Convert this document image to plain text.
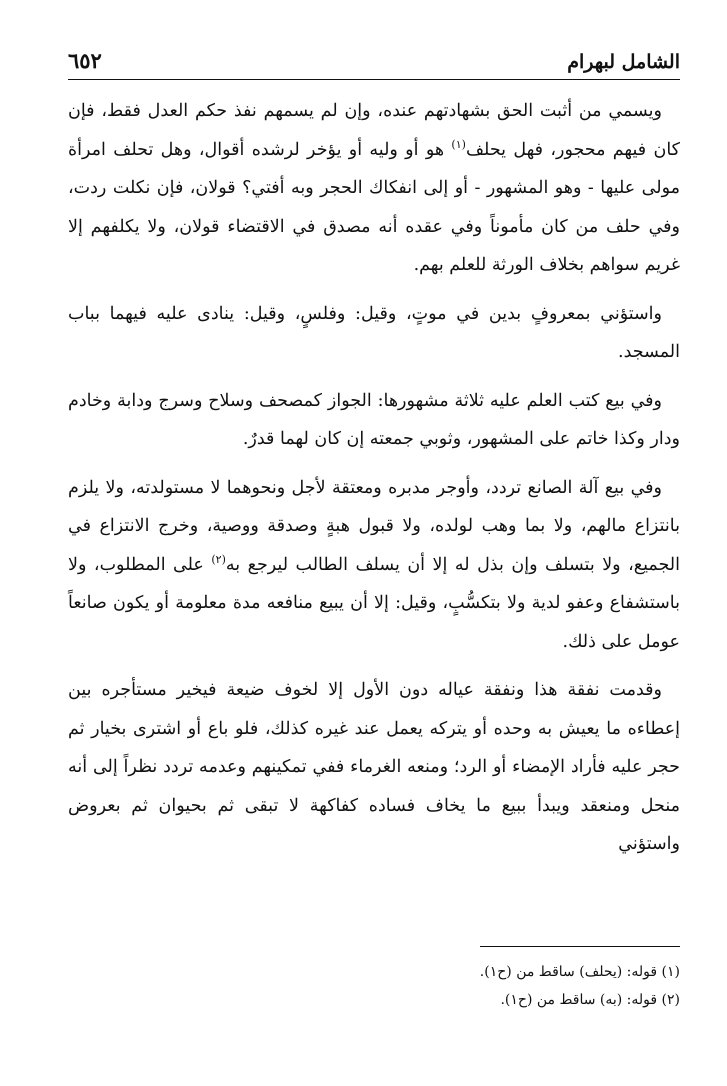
الشامل لبهرام
٦٥٢

ويسمي من أثبت الحق بشهادتهم عنده، وإن لم يسمهم نفذ حكم العدل فقط، فإن كان فيهم محجور، فهل يحلف$^{(١)}$ هو أو وليه أو يؤخر لرشده أقوال، وهل تحلف امرأة مولى عليها - وهو المشهور - أو إلى انفكاك الحجر وبه أفتي؟ قولان، فإن نكلت ردت، وفي حلف من كان مأموناً وفي عقده أنه مصدق في الاقتضاء قولان، ولا يكلفهم إلا غريم سواهم بخلاف الورثة للعلم بهم.

واستؤني بمعروفٍ بدين في موتٍ، وقيل: وفلسٍ، وقيل: ينادى عليه فيهما بباب المسجد.

وفي بيع كتب العلم عليه ثلاثة مشهورها: الجواز كمصحف وسلاح وسرج ودابة وخادم ودار وكذا خاتم على المشهور، وثوبي جمعته إن كان لهما قدرٌ.

وفي بيع آلة الصانع تردد، وأوجر مدبره ومعتقة لأجل ونحوهما لا مستولدته، ولا يلزم بانتزاع مالهم، ولا بما وهب لولده، ولا قبول هبةٍ وصدقة ووصية، وخرج الانتزاع في الجميع، ولا بتسلف وإن بذل له إلا أن يسلف الطالب ليرجع به$^{(٢)}$ على المطلوب، ولا باستشفاع وعفو لدية ولا بتكسُّبٍ، وقيل: إلا أن يبيع منافعه مدة معلومة أو يكون صانعاً عومل على ذلك.

وقدمت نفقة هذا ونفقة عياله دون الأول إلا لخوف ضيعة فيخير مستأجره بين إعطاءه ما يعيش به وحده أو يتركه يعمل عند غيره كذلك، فلو باع أو اشترى بخيار ثم حجر عليه فأراد الإمضاء أو الرد؛ ومنعه الغرماء ففي تمكينهم وعدمه تردد نظراً إلى أنه منحل ومنعقد ويبدأ ببيع ما يخاف فساده كفاكهة لا تبقى ثم بحيوان ثم بعروض واستؤني

(١) قوله: (يحلف) ساقط من (ح١).

(٢) قوله: (به) ساقط من (ح١).
